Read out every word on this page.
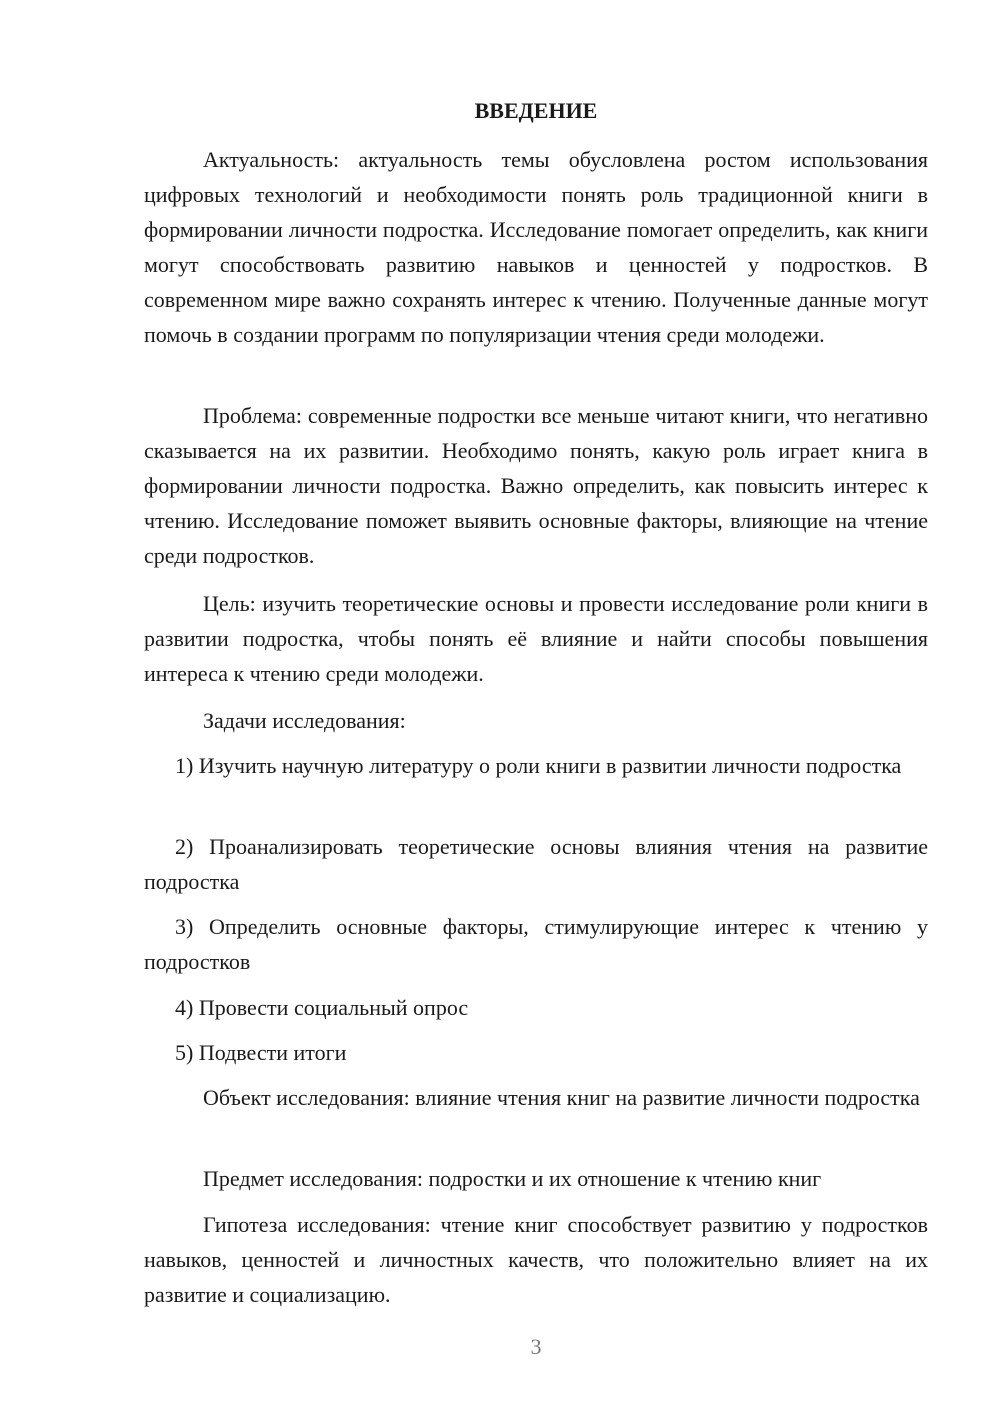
ВВЕДЕНИЕ

Актуальность: актуальность темы обусловлена ростом использования цифровых технологий и необходимости понять роль традиционной книги в формировании личности подростка. Исследование помогает определить, как книги могут способствовать развитию навыков и ценностей у подростков. В современном мире важно сохранять интерес к чтению. Полученные данные могут помочь в создании программ по популяризации чтения среди молодежи.

Проблема: современные подростки все меньше читают книги, что негативно сказывается на их развитии. Необходимо понять, какую роль играет книга в формировании личности подростка. Важно определить, как повысить интерес к чтению. Исследование поможет выявить основные факторы, влияющие на чтение среди подростков.

Цель: изучить теоретические основы и провести исследование роли книги в развитии подростка, чтобы понять её влияние и найти способы повышения интереса к чтению среди молодежи.

Задачи исследования:

1) Изучить научную литературу о роли книги в развитии личности подростка

2) Проанализировать теоретические основы влияния чтения на развитие подростка

3) Определить основные факторы, стимулирующие интерес к чтению у подростков

4) Провести социальный опрос

5) Подвести итоги

Объект исследования: влияние чтения книг на развитие личности подростка

Предмет исследования: подростки и их отношение к чтению книг

Гипотеза исследования: чтение книг способствует развитию у подростков навыков, ценностей и личностных качеств, что положительно влияет на их развитие и социализацию.

3
